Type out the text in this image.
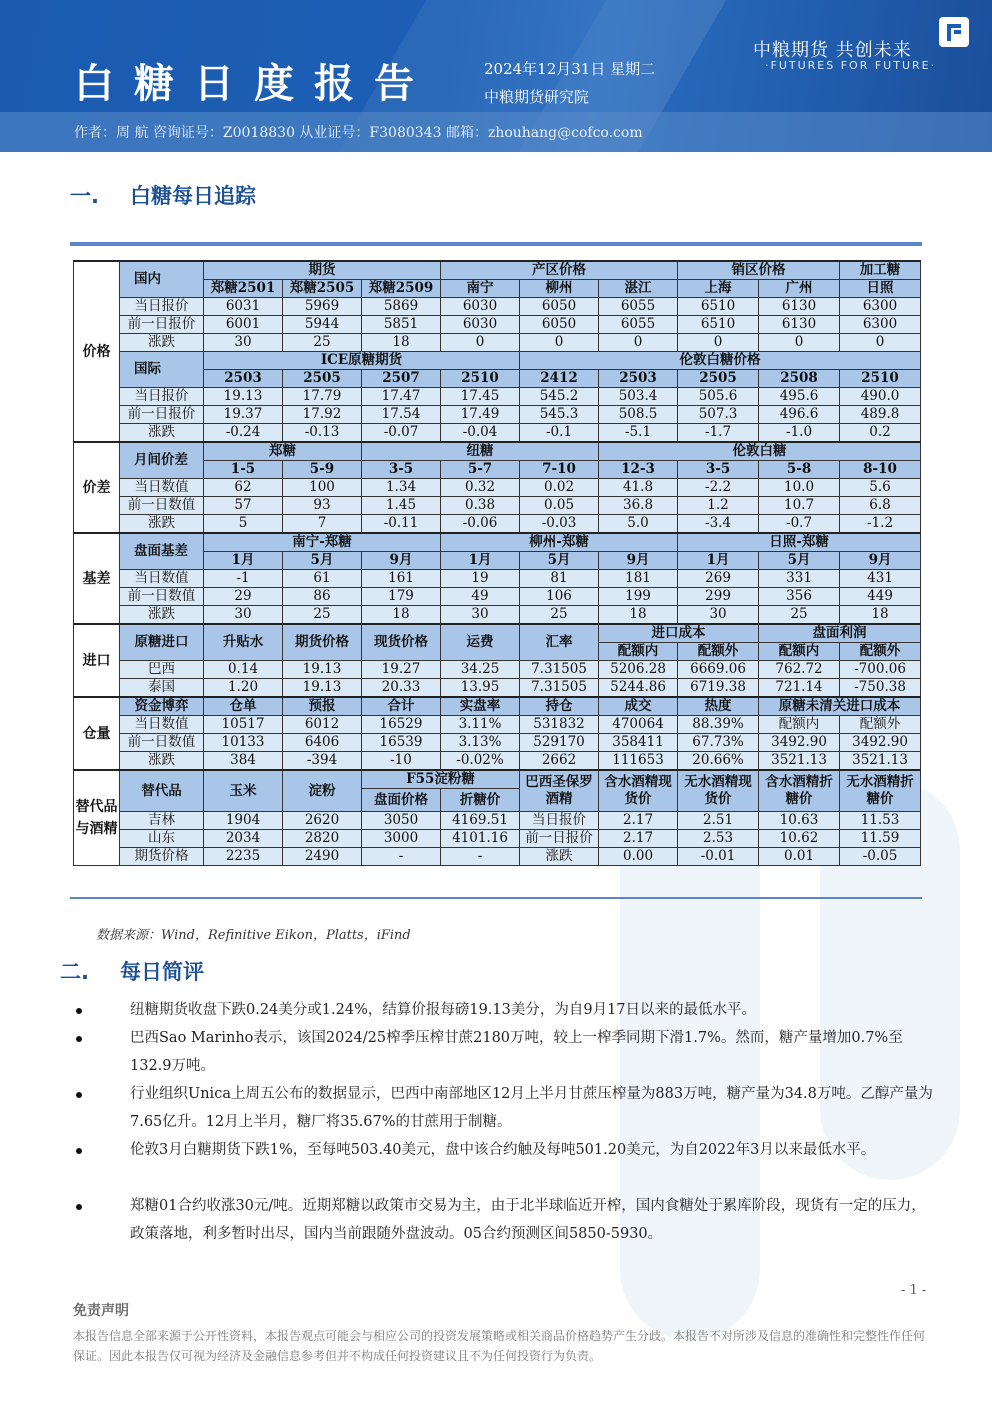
白糖日度报告	2024年12月31日 星期二
中粮期货研究院
中粮期货 共创未来
·FUTURES FOR FUTURE·
作者：周 航 咨询证号：Z0018830 从业证号：F3080343 邮箱：zhouhang@cofco.com
一. 白糖每日追踪
价格	国内	期货			产区价格			销区价格		加工糖
		郑糖2501	郑糖2505	郑糖2509	南宁	柳州	湛江	上海	广州	日照
	当日报价	6031	5969	5869	6030	6050	6055	6510	6130	6300
	前一日报价	6001	5944	5851	6030	6050	6055	6510	6130	6300
	涨跌	30	25	18	0	0	0	0	0	0
	国际	ICE原糖期货				伦敦白糖价格				
		2503	2505	2507	2510	2412	2503	2505	2508	2510
	当日报价	19.13	17.79	17.47	17.45	545.2	503.4	505.6	495.6	490.0
	前一日报价	19.37	17.92	17.54	17.49	545.3	508.5	507.3	496.6	489.8
	涨跌	-0.24	-0.13	-0.07	-0.04	-0.1	-5.1	-1.7	-1.0	0.2
价差	月间价差	郑糖		纽糖			伦敦白糖			
		1-5	5-9	3-5	5-7	7-10	12-3	3-5	5-8	8-10
	当日数值	62	100	1.34	0.32	0.02	41.8	-2.2	10.0	5.6
	前一日数值	57	93	1.45	0.38	0.05	36.8	1.2	10.7	6.8
	涨跌	5	7	-0.11	-0.06	-0.03	5.0	-3.4	-0.7	-1.2
基差	盘面基差	南宁-郑糖			柳州-郑糖			日照-郑糖		
		1月	5月	9月	1月	5月	9月	1月	5月	9月
	当日数值	-1	61	161	19	81	181	269	331	431
	前一日数值	29	86	179	49	106	199	299	356	449
	涨跌	30	25	18	30	25	18	30	25	18
进口	原糖进口	升贴水	期货价格	现货价格	运费	汇率	进口成本		盘面利润	
							配额内	配额外	配额内	配额外
	巴西	0.14	19.13	19.27	34.25	7.31505	5206.28	6669.06	762.72	-700.06
	泰国	1.20	19.13	20.33	13.95	7.31505	5244.86	6719.38	721.14	-750.38
仓量	资金博弈	仓单	预报	合计	实盘率	持仓	成交	热度	原糖未清关进口成本	
	当日数值	10517	6012	16529	3.11%	531832	470064	88.39%	配额内	配额外
	前一日数值	10133	6406	16539	3.13%	529170	358411	67.73%	3492.90	3492.90
	涨跌	384	-394	-10	-0.02%	2662	111653	20.66%	3521.13	3521.13
替代品与酒精	替代品	玉米	淀粉	F55淀粉糖		巴西圣保罗酒精	含水酒精现货价	无水酒精现货价	含水酒精折糖价	无水酒精折糖价
				盘面价格	折糖价					
	吉林	1904	2620	3050	4169.51	当日报价	2.17	2.51	10.63	11.53
	山东	2034	2820	3000	4101.16	前一日报价	2.17	2.53	10.62	11.59
	期货价格	2235	2490	-	-	涨跌	0.00	-0.01	0.01	-0.05
数据来源：Wind，Refinitive Eikon，Platts，iFind
二. 每日简评

纽糖期货收盘下跌0.24美分或1.24%，结算价报每磅19.13美分，为自9月17日以来的最低水平。

巴西Sao Marinho表示，该国2024/25榨季压榨甘蔗2180万吨，较上一榨季同期下滑1.7%。然而，糖产量增加0.7%至132.9万吨。

行业组织Unica上周五公布的数据显示，巴西中南部地区12月上半月甘蔗压榨量为883万吨，糖产量为34.8万吨。乙醇产量为7.65亿升。12月上半月，糖厂将35.67%的甘蔗用于制糖。

伦敦3月白糖期货下跌1%，至每吨503.40美元，盘中该合约触及每吨501.20美元，为自2022年3月以来最低水平。

郑糖01合约收涨30元/吨。近期郑糖以政策市交易为主，由于北半球临近开榨，国内食糖处于累库阶段，现货有一定的压力，政策落地，利多暂时出尽，国内当前跟随外盘波动。05合约预测区间5850-5930。

- 1 -
免责声明
本报告信息全部来源于公开性资料，本报告观点可能会与相应公司的投资发展策略或相关商品价格趋势产生分歧。本报告不对所涉及信息的准确性和完整性作任何保证。因此本报告仅可视为经济及金融信息参考但并不构成任何投资建议且不为任何投资行为负责。
